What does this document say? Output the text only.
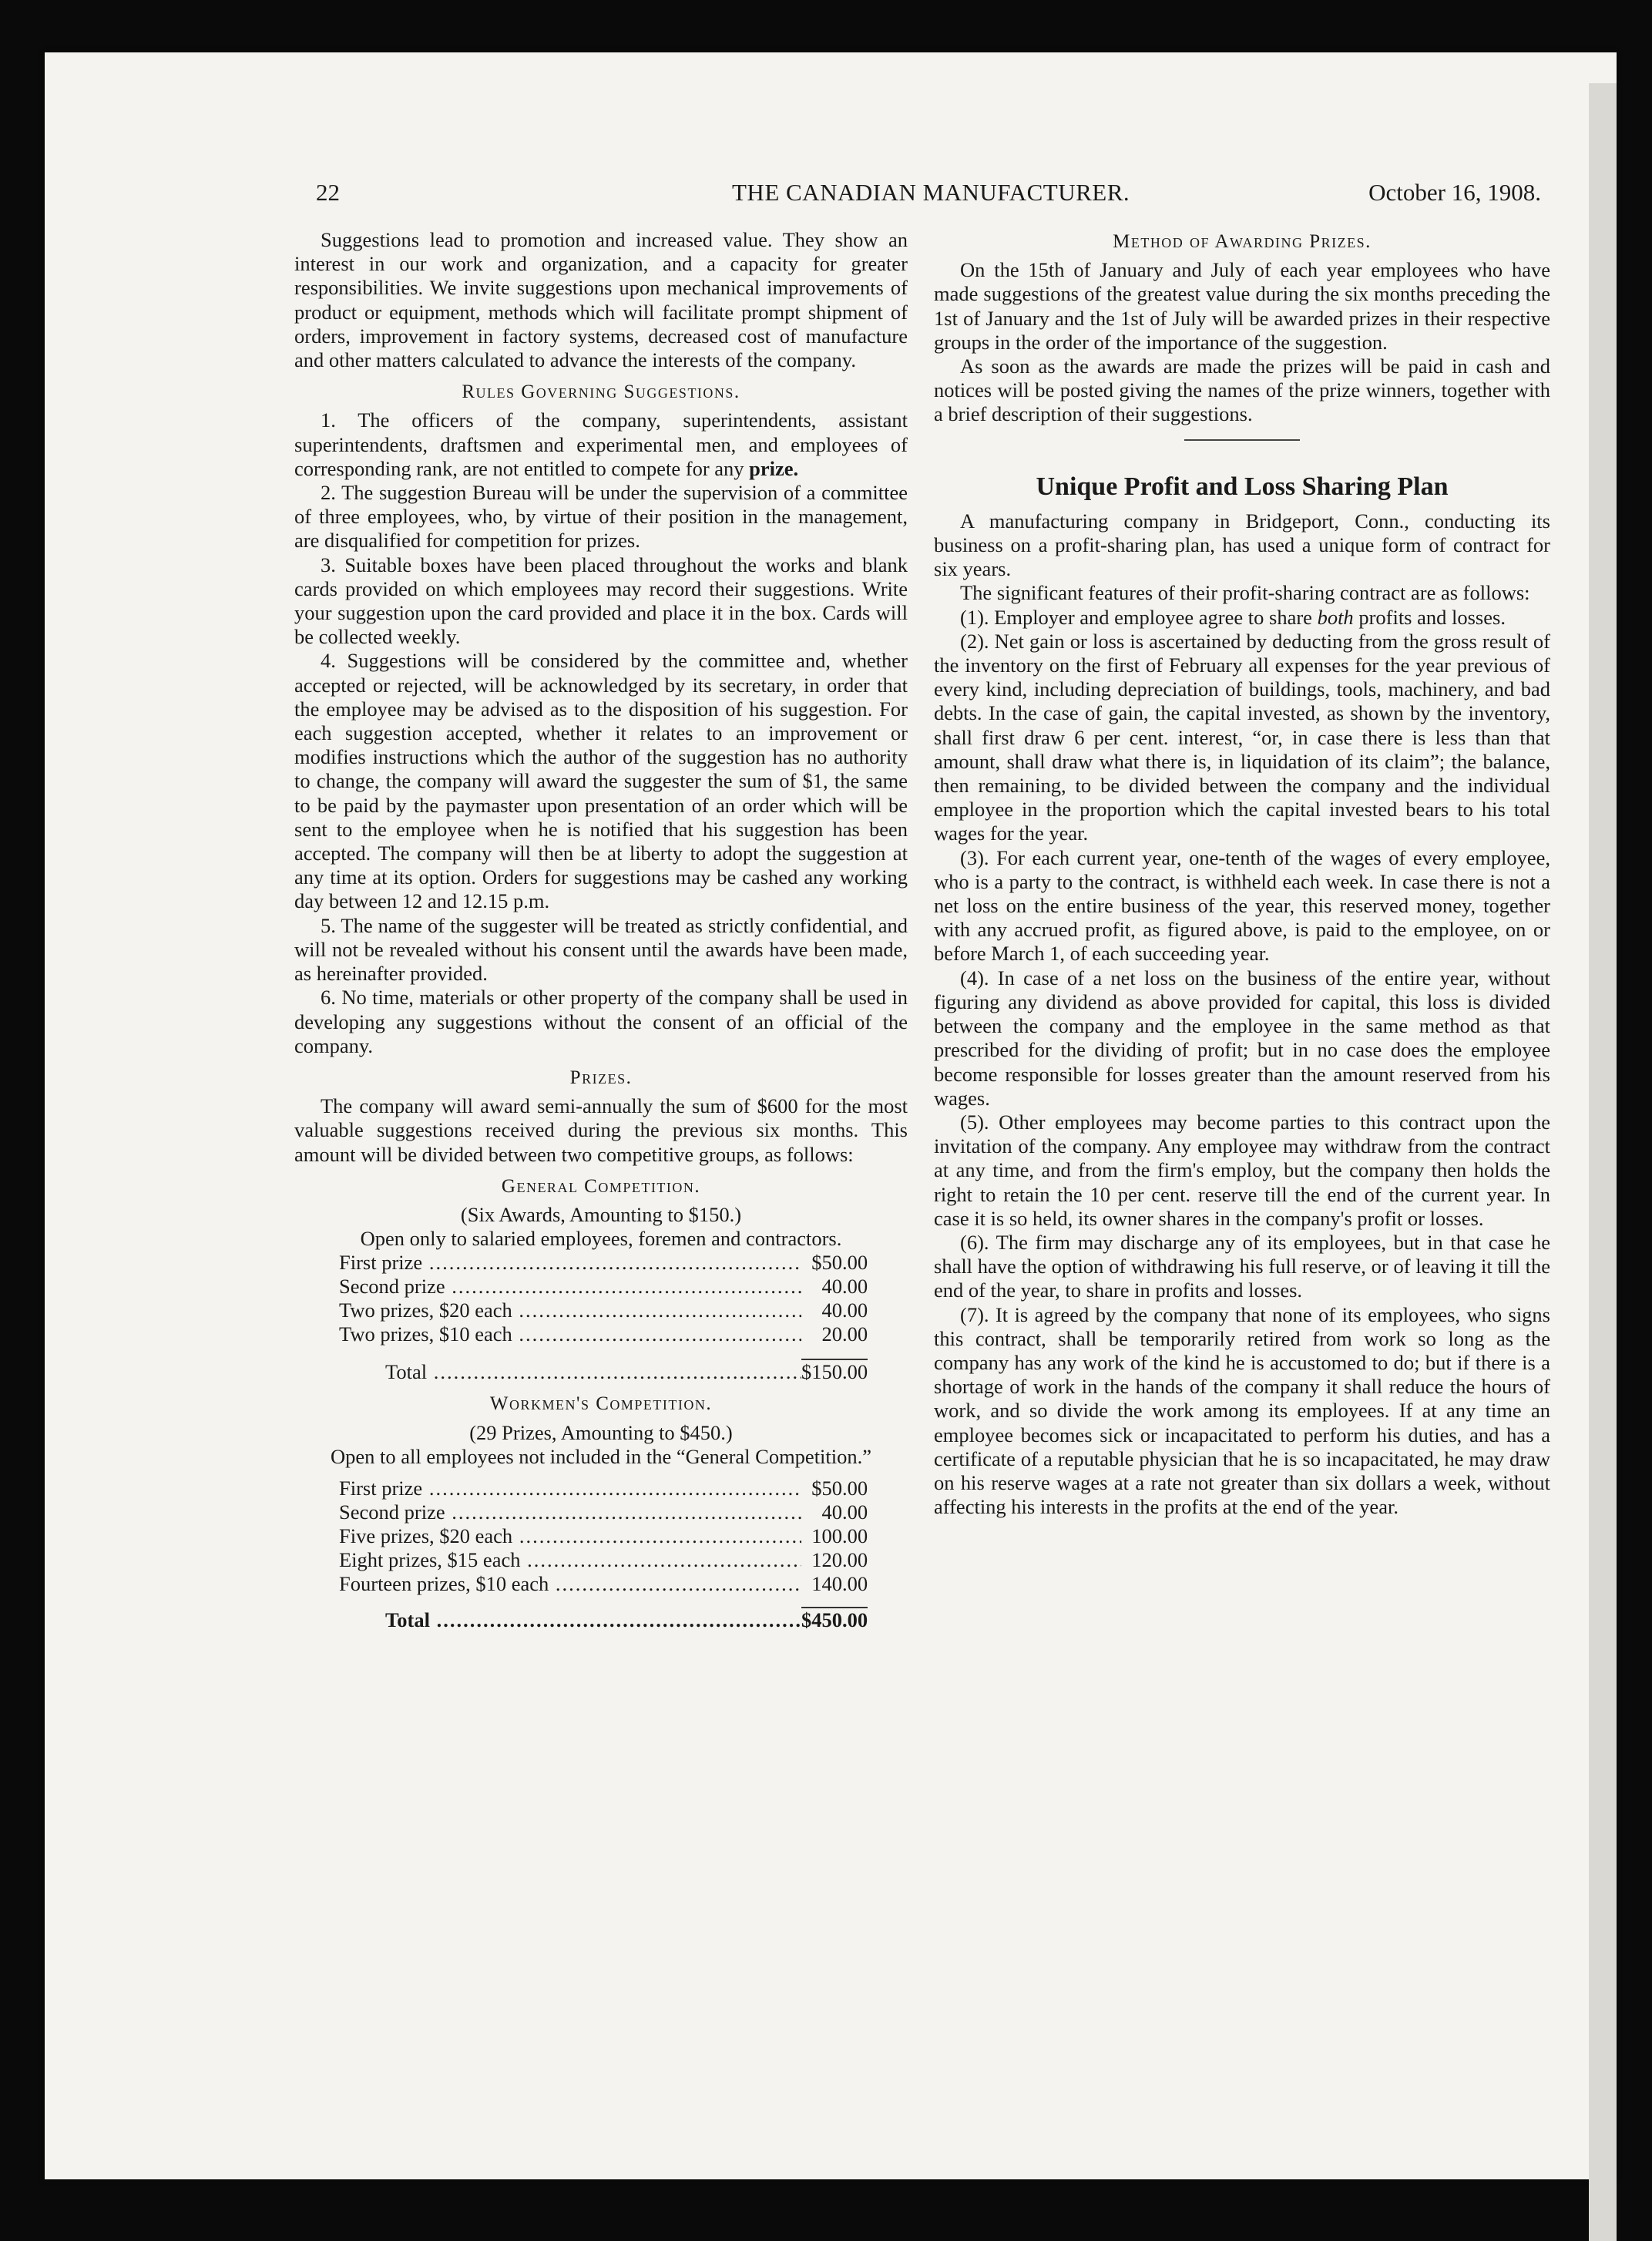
22	THE CANADIAN MANUFACTURER.	October 16, 1908.

Suggestions lead to promotion and increased value. They show an interest in our work and organization, and a capacity for greater responsibilities. We invite suggestions upon mechanical improvements of product or equipment, methods which will facilitate prompt shipment of orders, improvement in factory systems, decreased cost of manufacture and other matters calculated to advance the interests of the company.

Rules Governing Suggestions.

1. The officers of the company, superintendents, assistant superintendents, draftsmen and experimental men, and employees of corresponding rank, are not entitled to compete for any prize.

2. The suggestion Bureau will be under the supervision of a committee of three employees, who, by virtue of their position in the management, are disqualified for competition for prizes.

3. Suitable boxes have been placed throughout the works and blank cards provided on which employees may record their suggestions. Write your suggestion upon the card provided and place it in the box. Cards will be collected weekly.

4. Suggestions will be considered by the committee and, whether accepted or rejected, will be acknowledged by its secretary, in order that the employee may be advised as to the disposition of his suggestion. For each suggestion accepted, whether it relates to an improvement or modifies instructions which the author of the suggestion has no authority to change, the company will award the suggester the sum of $1, the same to be paid by the paymaster upon presentation of an order which will be sent to the employee when he is notified that his suggestion has been accepted. The company will then be at liberty to adopt the suggestion at any time at its option. Orders for suggestions may be cashed any working day between 12 and 12.15 p.m.

5. The name of the suggester will be treated as strictly confidential, and will not be revealed without his consent until the awards have been made, as hereinafter provided.

6. No time, materials or other property of the company shall be used in developing any suggestions without the consent of an official of the company.

Prizes.

The company will award semi-annually the sum of $600 for the most valuable suggestions received during the previous six months. This amount will be divided between two competitive groups, as follows:

General Competition.

(Six Awards, Amounting to $150.)

Open only to salaried employees, foremen and contractors.

First prize .....	$50.00
Second prize .....	40.00
Two prizes, $20 each .....	40.00
Two prizes, $10 each .....	20.00

Total .....	$150.00
Workmen's Competition.

(29 Prizes, Amounting to $450.)

Open to all employees not included in the “General Competition.”

First prize .....	$50.00
Second prize .....	40.00
Five prizes, $20 each .....	100.00
Eight prizes, $15 each .....	120.00
Fourteen prizes, $10 each .....	140.00

Total .....	$450.00
Method of Awarding Prizes.

On the 15th of January and July of each year employees who have made suggestions of the greatest value during the six months preceding the 1st of January and the 1st of July will be awarded prizes in their respective groups in the order of the importance of the suggestion.

As soon as the awards are made the prizes will be paid in cash and notices will be posted giving the names of the prize winners, together with a brief description of their suggestions.

Unique Profit and Loss Sharing Plan

A manufacturing company in Bridgeport, Conn., conducting its business on a profit-sharing plan, has used a unique form of contract for six years.

The significant features of their profit-sharing contract are as follows:

(1). Employer and employee agree to share both profits and losses.

(2). Net gain or loss is ascertained by deducting from the gross result of the inventory on the first of February all expenses for the year previous of every kind, including depreciation of buildings, tools, machinery, and bad debts. In the case of gain, the capital invested, as shown by the inventory, shall first draw 6 per cent. interest, “or, in case there is less than that amount, shall draw what there is, in liquidation of its claim”; the balance, then remaining, to be divided between the company and the individual employee in the proportion which the capital invested bears to his total wages for the year.

(3). For each current year, one-tenth of the wages of every employee, who is a party to the contract, is withheld each week. In case there is not a net loss on the entire business of the year, this reserved money, together with any accrued profit, as figured above, is paid to the employee, on or before March 1, of each succeeding year.

(4). In case of a net loss on the business of the entire year, without figuring any dividend as above provided for capital, this loss is divided between the company and the employee in the same method as that prescribed for the dividing of profit; but in no case does the employee become responsible for losses greater than the amount reserved from his wages.

(5). Other employees may become parties to this contract upon the invitation of the company. Any employee may withdraw from the contract at any time, and from the firm's employ, but the company then holds the right to retain the 10 per cent. reserve till the end of the current year. In case it is so held, its owner shares in the company's profit or losses.

(6). The firm may discharge any of its employees, but in that case he shall have the option of withdrawing his full reserve, or of leaving it till the end of the year, to share in profits and losses.

(7). It is agreed by the company that none of its employees, who signs this contract, shall be temporarily retired from work so long as the company has any work of the kind he is accustomed to do; but if there is a shortage of work in the hands of the company it shall reduce the hours of work, and so divide the work among its employees. If at any time an employee becomes sick or incapacitated to perform his duties, and has a certificate of a reputable physician that he is so incapacitated, he may draw on his reserve wages at a rate not greater than six dollars a week, without affecting his interests in the profits at the end of the year.
